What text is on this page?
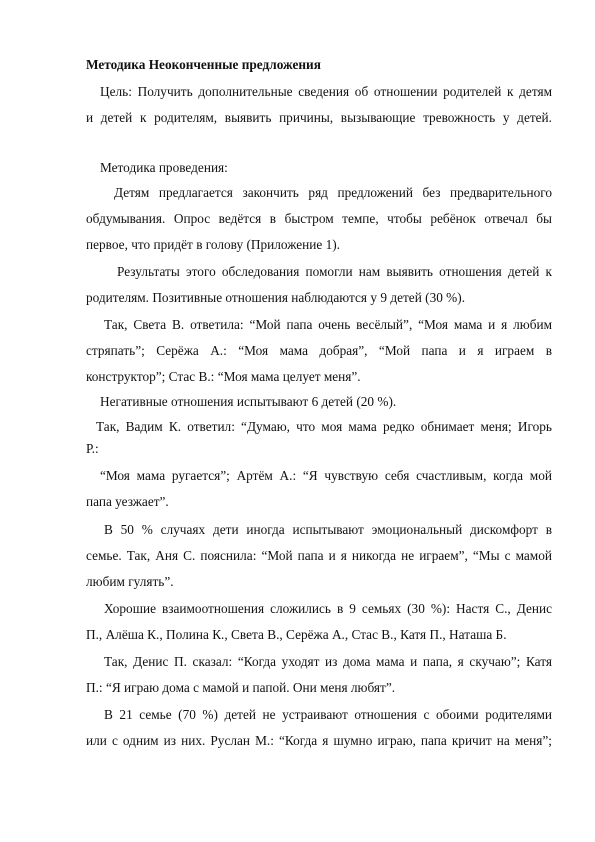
Методика Неоконченные предложения
Цель: Получить дополнительные сведения об отношении родителей к детям
и детей к родителям, выявить причины, вызывающие тревожность у детей.
Методика проведения:
Детям предлагается закончить ряд предложений без предварительного
обдумывания. Опрос ведётся в быстром темпе, чтобы ребёнок отвечал бы
первое, что придёт в голову (Приложение 1).
Результаты этого обследования помогли нам выявить отношения детей к
родителям. Позитивные отношения наблюдаются у 9 детей (30 %).
Так, Света В. ответила: “Мой папа очень весёлый”, “Моя мама и я любим
стряпать”; Серёжа А.: “Моя мама добрая”, “Мой папа и я играем в
конструктор”; Стас В.: “Моя мама целует меня”.
Негативные отношения испытывают 6 детей (20 %).
Так, Вадим К. ответил: “Думаю, что моя мама редко обнимает меня; Игорь
Р.:
“Моя мама ругается”; Артём А.: “Я чувствую себя счастливым, когда мой
папа уезжает”.
В 50 % случаях дети иногда испытывают эмоциональный дискомфорт в
семье. Так, Аня С. пояснила: “Мой папа и я никогда не играем”, “Мы с мамой
любим гулять”.
Хорошие взаимоотношения сложились в 9 семьях (30 %): Настя С., Денис
П., Алёша К., Полина К., Света В., Серёжа А., Стас В., Катя П., Наташа Б.
Так, Денис П. сказал: “Когда уходят из дома мама и папа, я скучаю”; Катя
П.: “Я играю дома с мамой и папой. Они меня любят”.
В 21 семье (70 %) детей не устраивают отношения с обоими родителями
или с одним из них. Руслан М.: “Когда я шумно играю, папа кричит на меня”;
